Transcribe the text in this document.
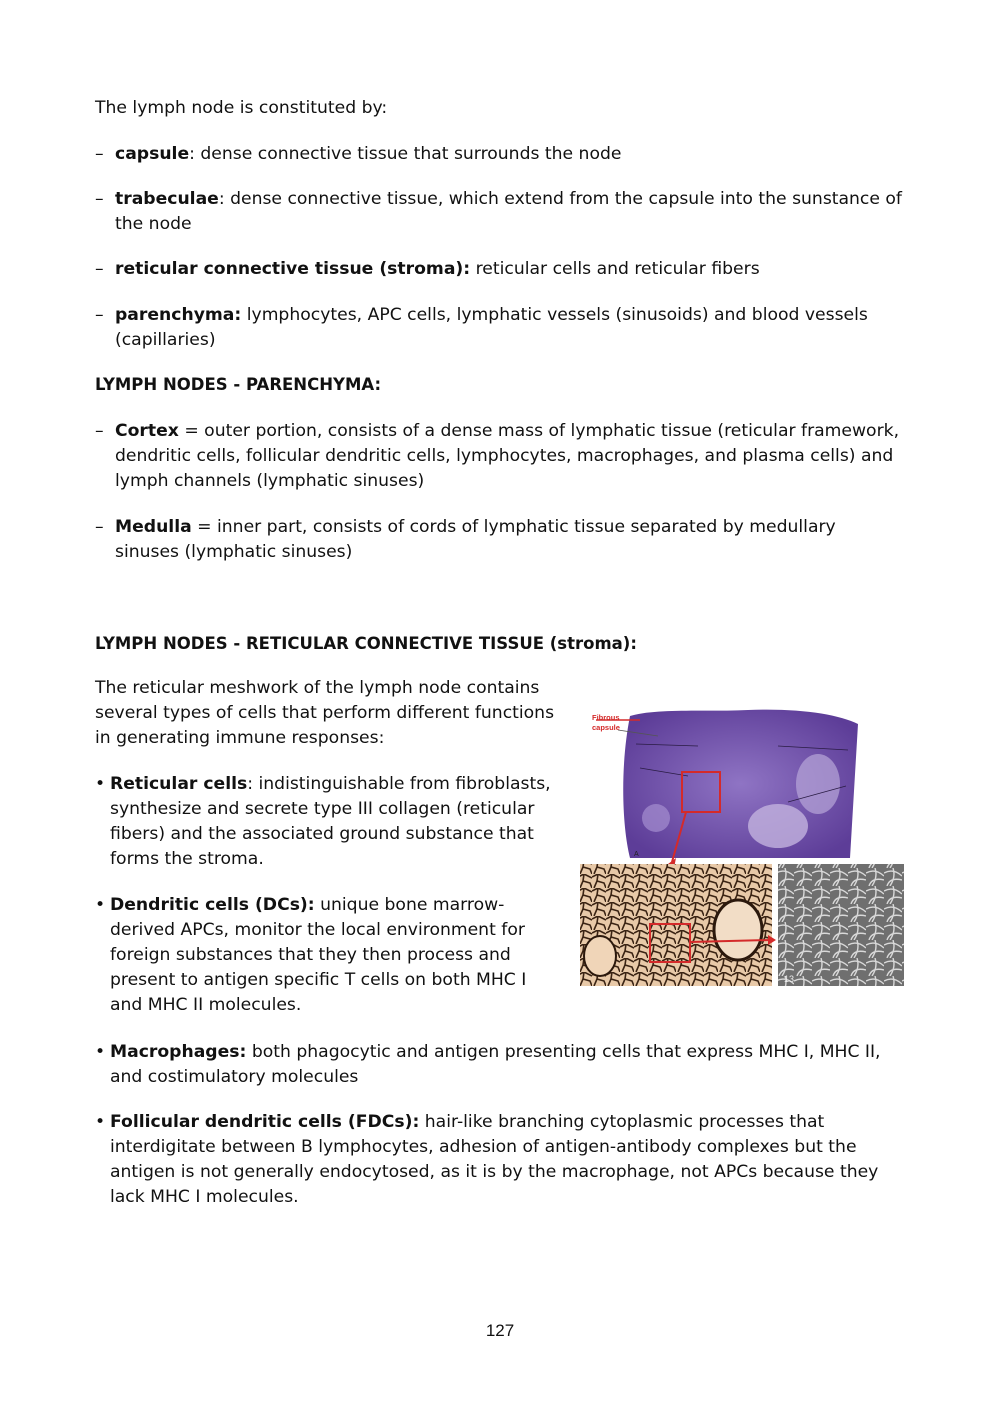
The lymph node is constituted by:

– capsule: dense connective tissue that surrounds the node
– trabeculae: dense connective tissue, which extend from the capsule into the sunstance of the node
– reticular connective tissue (stroma): reticular cells and reticular fibers
– parenchyma: lymphocytes, APC cells, lymphatic vessels (sinusoids) and blood vessels (capillaries)
LYMPH NODES - PARENCHYMA:
– Cortex = outer portion, consists of a dense mass of lymphatic tissue (reticular framework, dendritic cells, follicular dendritic cells, lymphocytes, macrophages, and plasma cells) and lymph channels (lymphatic sinuses)
– Medulla = inner part, consists of cords of lymphatic tissue separated by medullary sinuses (lymphatic sinuses)
LYMPH NODES - RETICULAR CONNECTIVE TISSUE (stroma):

The reticular meshwork of the lymph node contains several types of cells that perform different functions in generating immune responses:

• Reticular cells: indistinguishable from fibroblasts, synthesize and secrete type III collagen (reticular fibers) and the associated ground substance that forms the stroma.
• Dendritic cells (DCs): unique bone marrow- derived APCs, monitor the local environment for foreign substances that they then process and present to antigen specific T cells on both MHC I and MHC II molecules.
• Macrophages: both phagocytic and antigen presenting cells that express MHC I, MHC II, and costimulatory molecules
• Follicular dendritic cells (FDCs): hair-like branching cytoplasmic processes that interdigitate between B lymphocytes, adhesion of antigen-antibody complexes but the antigen is not generally endocytosed, as it is by the macrophage, not APCs because they lack MHC I molecules.
Fibrous
capsule
A
13
127
